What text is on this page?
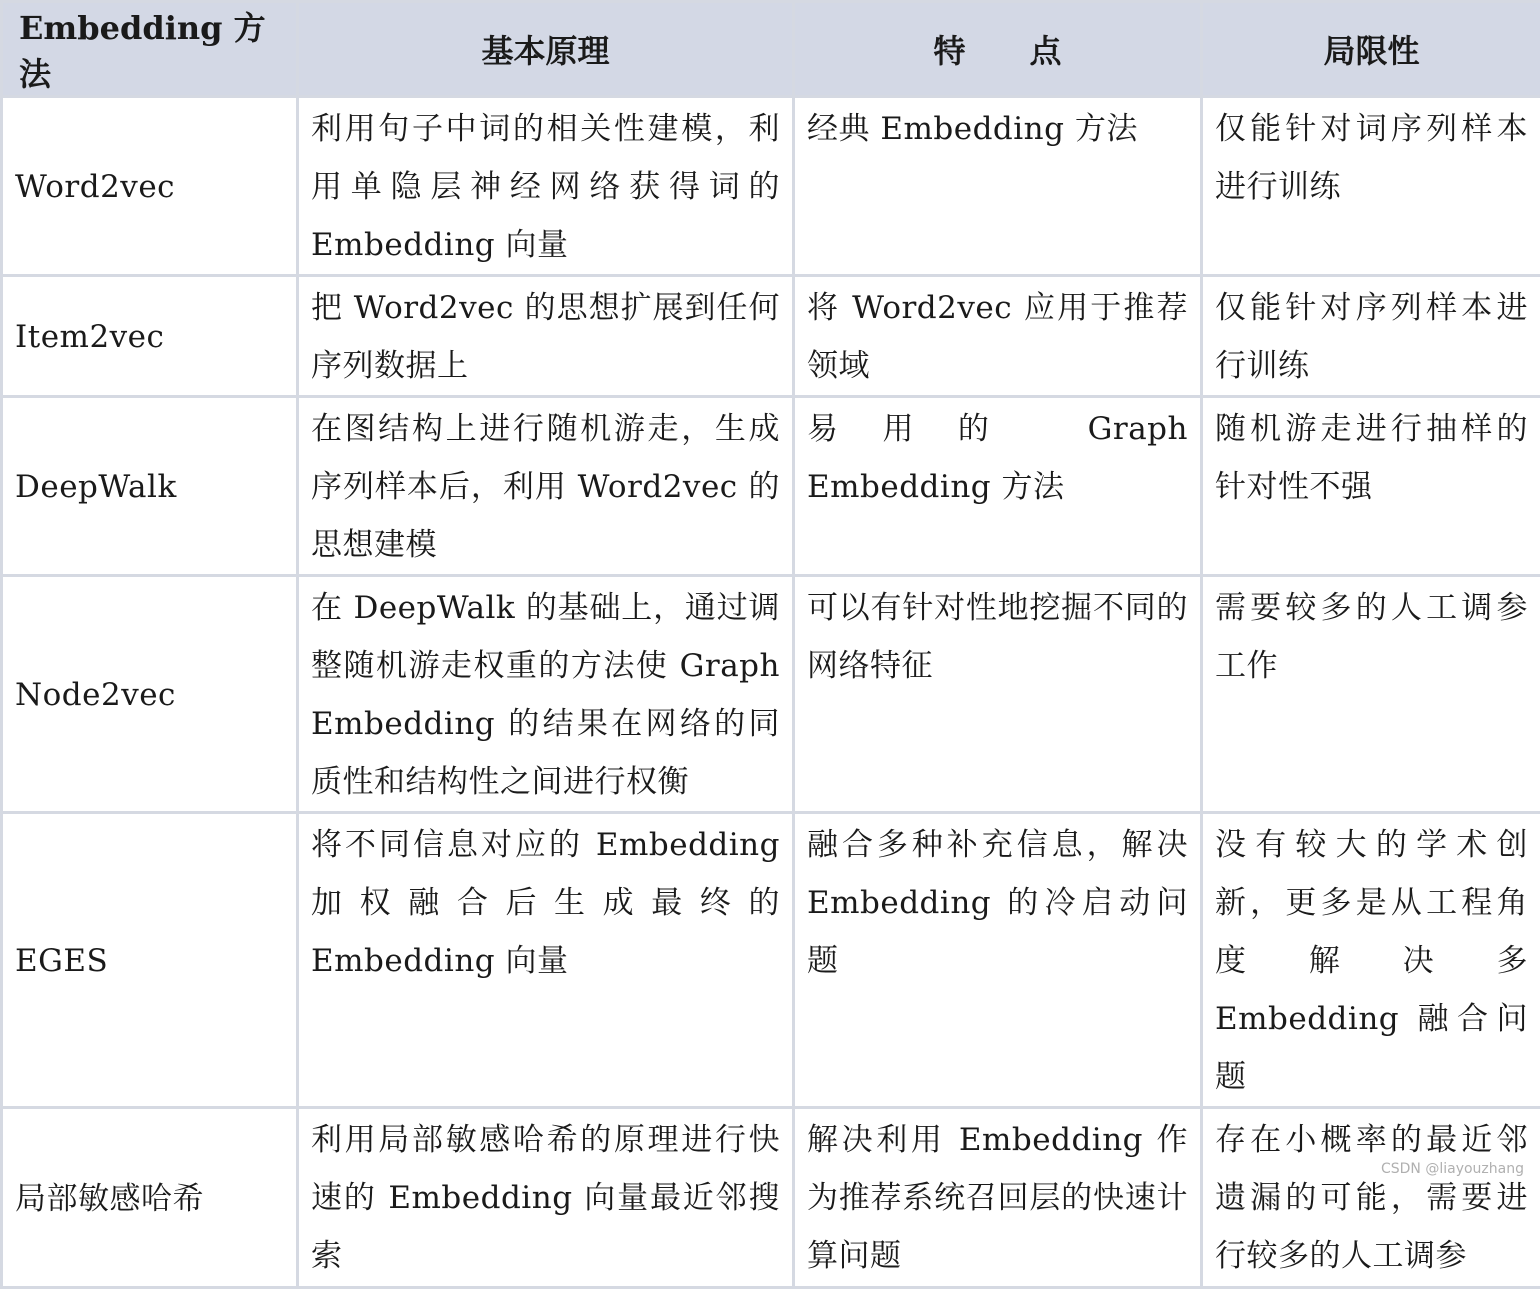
Embedding 方法	基本原理	特　　点	局限性
Word2vec	利用句子中词的相关性建模，利用单隐层神经网络获得词的 Embedding 向量	经典 Embedding 方法	仅能针对词序列样本进行训练
Item2vec	把 Word2vec 的思想扩展到任何序列数据上	将 Word2vec 应用于推荐领域	仅能针对序列样本进行训练
DeepWalk	在图结构上进行随机游走，生成序列样本后，利用 Word2vec 的思想建模	易用的 Graph Embedding 方法	随机游走进行抽样的针对性不强
Node2vec	在 DeepWalk 的基础上，通过调整随机游走权重的方法使 Graph Embedding 的结果在网络的同质性和结构性之间进行权衡	可以有针对性地挖掘不同的网络特征	需要较多的人工调参工作
EGES	将不同信息对应的 Embedding 加权融合后生成最终的 Embedding 向量	融合多种补充信息，解决 Embedding 的冷启动问题	没有较大的学术创新，更多是从工程角度解决多 Embedding 融合问题
局部敏感哈希	利用局部敏感哈希的原理进行快速的 Embedding 向量最近邻搜索	解决利用 Embedding 作为推荐系统召回层的快速计算问题	存在小概率的最近邻遗漏的可能，需要进行较多的人工调参
CSDN @liayouzhang
